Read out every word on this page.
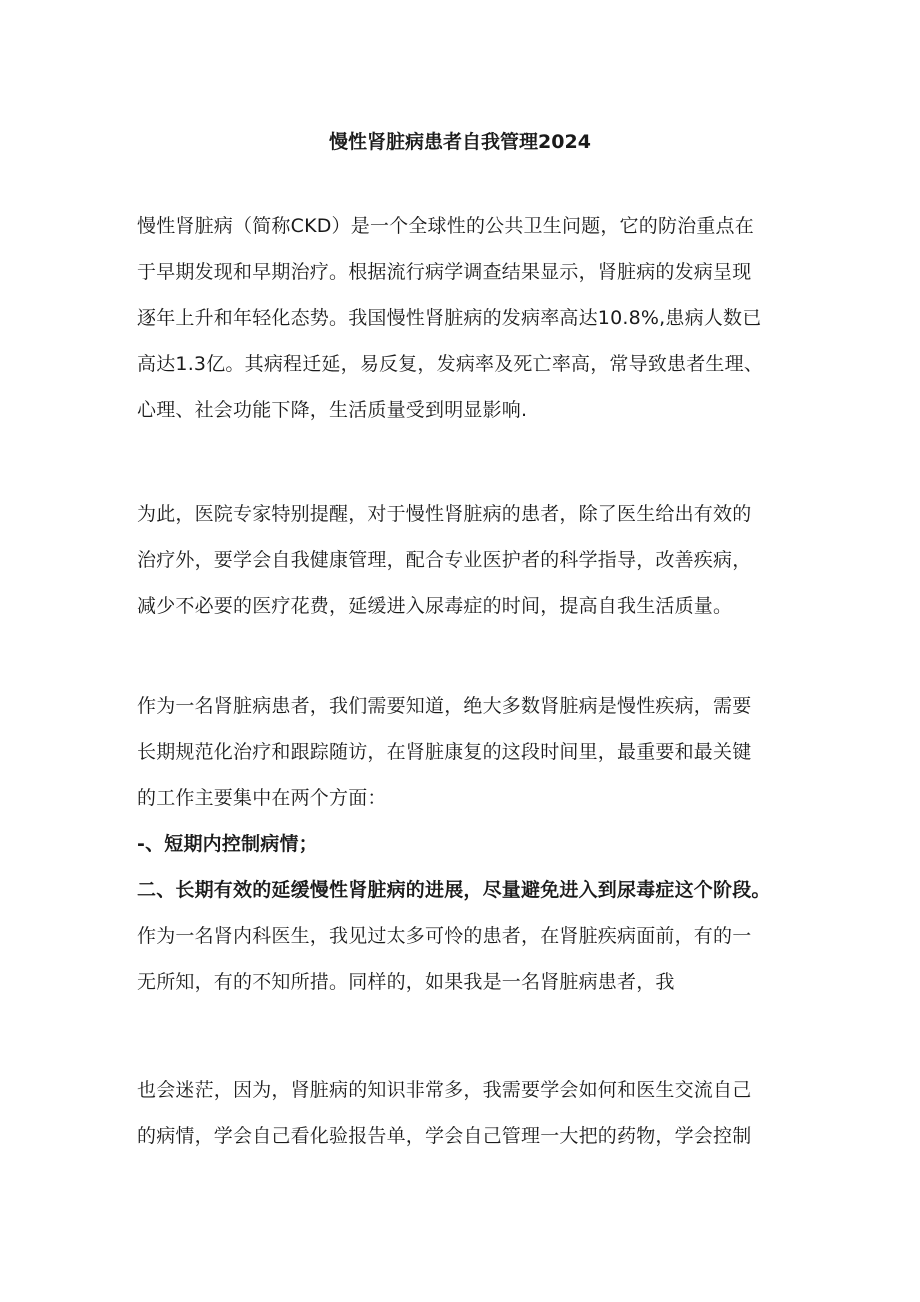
慢性肾脏病患者自我管理2024
慢性肾脏病（简称CKD）是一个全球性的公共卫生问题，它的防治重点在
于早期发现和早期治疗。根据流行病学调查结果显示，肾脏病的发病呈现
逐年上升和年轻化态势。我国慢性肾脏病的发病率高达10.8%,患病人数已
高达1.3亿。其病程迁延，易反复，发病率及死亡率高，常导致患者生理、
心理、社会功能下降，生活质量受到明显影响.
为此，医院专家特别提醒，对于慢性肾脏病的患者，除了医生给出有效的
治疗外，要学会自我健康管理，配合专业医护者的科学指导，改善疾病，
减少不必要的医疗花费，延缓进入尿毒症的时间，提高自我生活质量。
作为一名肾脏病患者，我们需要知道，绝大多数肾脏病是慢性疾病，需要
长期规范化治疗和跟踪随访，在肾脏康复的这段时间里，最重要和最关键
的工作主要集中在两个方面：
-、短期内控制病情；
二、长期有效的延缓慢性肾脏病的进展，尽量避免进入到尿毒症这个阶段。
作为一名肾内科医生，我见过太多可怜的患者，在肾脏疾病面前，有的一
无所知，有的不知所措。同样的，如果我是一名肾脏病患者，我
也会迷茫，因为，肾脏病的知识非常多，我需要学会如何和医生交流自己
的病情，学会自己看化验报告单，学会自己管理一大把的药物，学会控制
